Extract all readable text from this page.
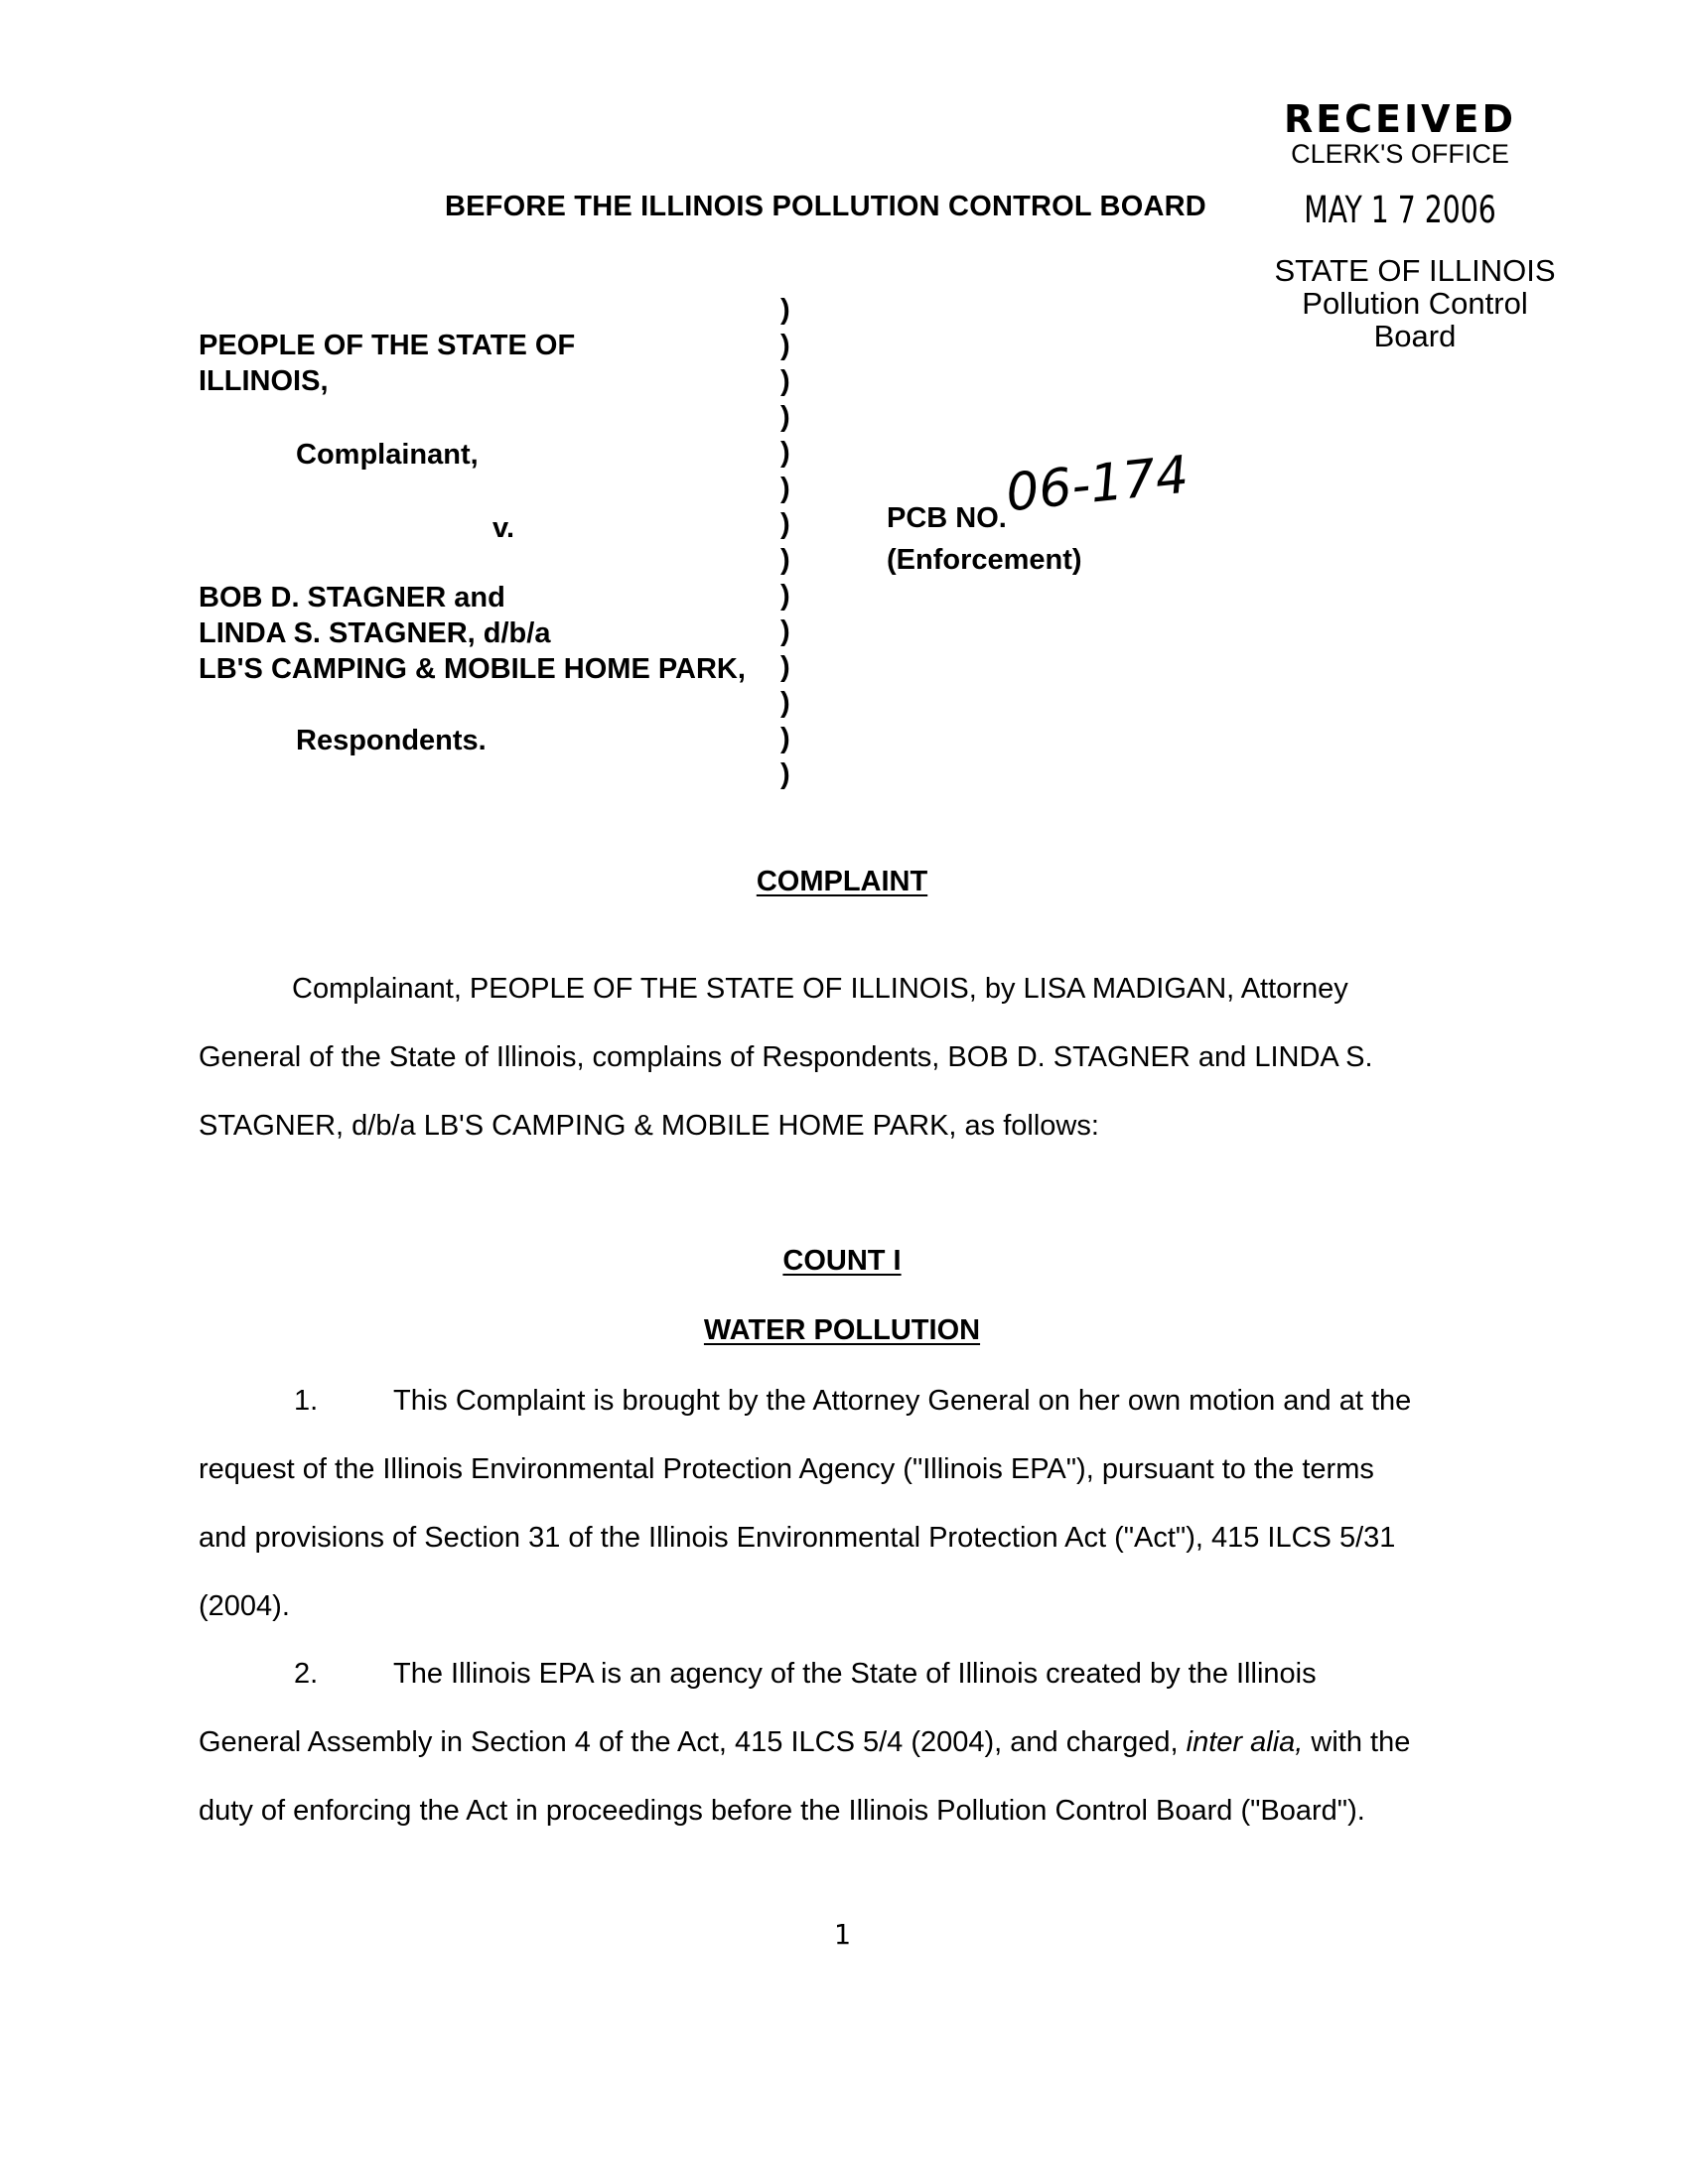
RECEIVED
CLERK'S OFFICE
MAY 1 7 2006
STATE OF ILLINOIS
Pollution Control Board
BEFORE THE ILLINOIS POLLUTION CONTROL BOARD
PEOPLE OF THE STATE OF
ILLINOIS,
Complainant,
v.
BOB D. STAGNER and
LINDA S. STAGNER, d/b/a
LB'S CAMPING & MOBILE HOME PARK,
Respondents.
)
)
)
)
)
)
)
)
)
)
)
)
)
)
PCB NO.
06-174
(Enforcement)
COMPLAINT
Complainant, PEOPLE OF THE STATE OF ILLINOIS, by LISA MADIGAN, Attorney
General of the State of Illinois, complains of Respondents, BOB D. STAGNER and LINDA S.
STAGNER, d/b/a LB'S CAMPING & MOBILE HOME PARK, as follows:
COUNT I
WATER POLLUTION
1.	This Complaint is brought by the Attorney General on her own motion and at the
request of the Illinois Environmental Protection Agency ("Illinois EPA"), pursuant to the terms
and provisions of Section 31 of the Illinois Environmental Protection Act ("Act"), 415 ILCS 5/31
(2004).
2.	The Illinois EPA is an agency of the State of Illinois created by the Illinois
General Assembly in Section 4 of the Act, 415 ILCS 5/4 (2004), and charged, inter alia, with the
duty of enforcing the Act in proceedings before the Illinois Pollution Control Board ("Board").
1
